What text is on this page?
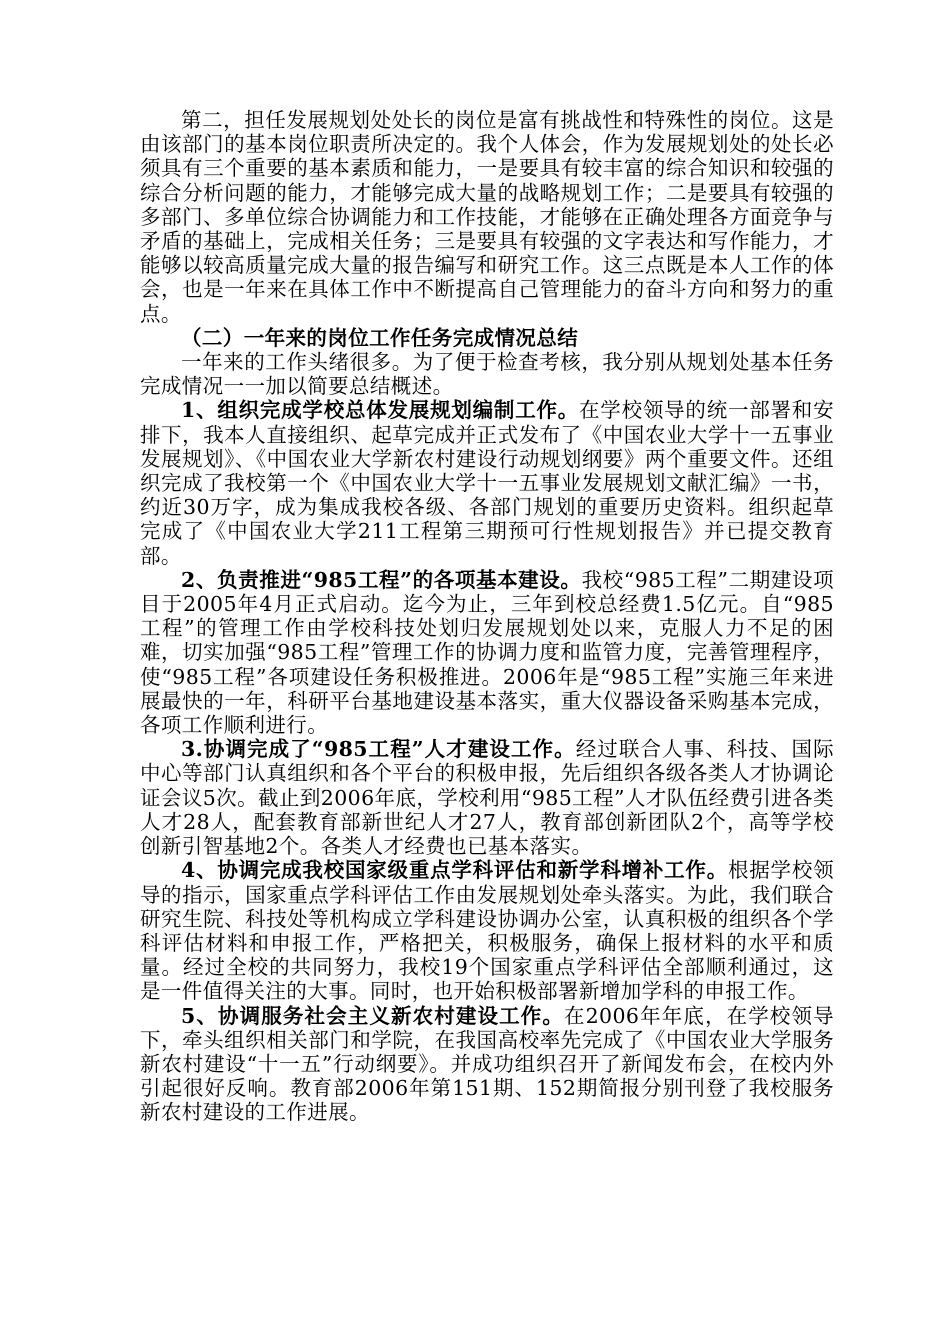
第二，担任发展规划处处长的岗位是富有挑战性和特殊性的岗位。这是由该部门的基本岗位职责所决定的。我个人体会，作为发展规划处的处长必须具有三个重要的基本素质和能力，一是要具有较丰富的综合知识和较强的综合分析问题的能力，才能够完成大量的战略规划工作；二是要具有较强的多部门、多单位综合协调能力和工作技能，才能够在正确处理各方面竞争与矛盾的基础上，完成相关任务；三是要具有较强的文字表达和写作能力，才能够以较高质量完成大量的报告编写和研究工作。这三点既是本人工作的体会，也是一年来在具体工作中不断提高自己管理能力的奋斗方向和努力的重点。

（二）一年来的岗位工作任务完成情况总结

一年来的工作头绪很多。为了便于检查考核，我分别从规划处基本任务完成情况一一加以简要总结概述。

1、组织完成学校总体发展规划编制工作。在学校领导的统一部署和安排下，我本人直接组织、起草完成并正式发布了《中国农业大学十一五事业发展规划》、《中国农业大学新农村建设行动规划纲要》两个重要文件。还组织完成了我校第一个《中国农业大学十一五事业发展规划文献汇编》一书，约近30万字，成为集成我校各级、各部门规划的重要历史资料。组织起草完成了《中国农业大学211工程第三期预可行性规划报告》并已提交教育部。

2、负责推进“985工程”的各项基本建设。我校“985工程”二期建设项目于2005年4月正式启动。迄今为止，三年到校总经费1.5亿元。自“985工程”的管理工作由学校科技处划归发展规划处以来，克服人力不足的困难，切实加强“985工程”管理工作的协调力度和监管力度，完善管理程序，使“985工程”各项建设任务积极推进。2006年是“985工程”实施三年来进展最快的一年，科研平台基地建设基本落实，重大仪器设备采购基本完成，各项工作顺利进行。

3.协调完成了“985工程”人才建设工作。经过联合人事、科技、国际中心等部门认真组织和各个平台的积极申报，先后组织各级各类人才协调论证会议5次。截止到2006年底，学校利用“985工程”人才队伍经费引进各类人才28人，配套教育部新世纪人才27人，教育部创新团队2个，高等学校创新引智基地2个。各类人才经费也已基本落实。

4、协调完成我校国家级重点学科评估和新学科增补工作。根据学校领导的指示，国家重点学科评估工作由发展规划处牵头落实。为此，我们联合研究生院、科技处等机构成立学科建设协调办公室，认真积极的组织各个学科评估材料和申报工作，严格把关，积极服务，确保上报材料的水平和质量。经过全校的共同努力，我校19个国家重点学科评估全部顺利通过，这是一件值得关注的大事。同时，也开始积极部署新增加学科的申报工作。

5、协调服务社会主义新农村建设工作。在2006年年底，在学校领导下，牵头组织相关部门和学院，在我国高校率先完成了《中国农业大学服务新农村建设“十一五”行动纲要》。并成功组织召开了新闻发布会，在校内外引起很好反响。教育部2006年第151期、152期简报分别刊登了我校服务新农村建设的工作进展。
